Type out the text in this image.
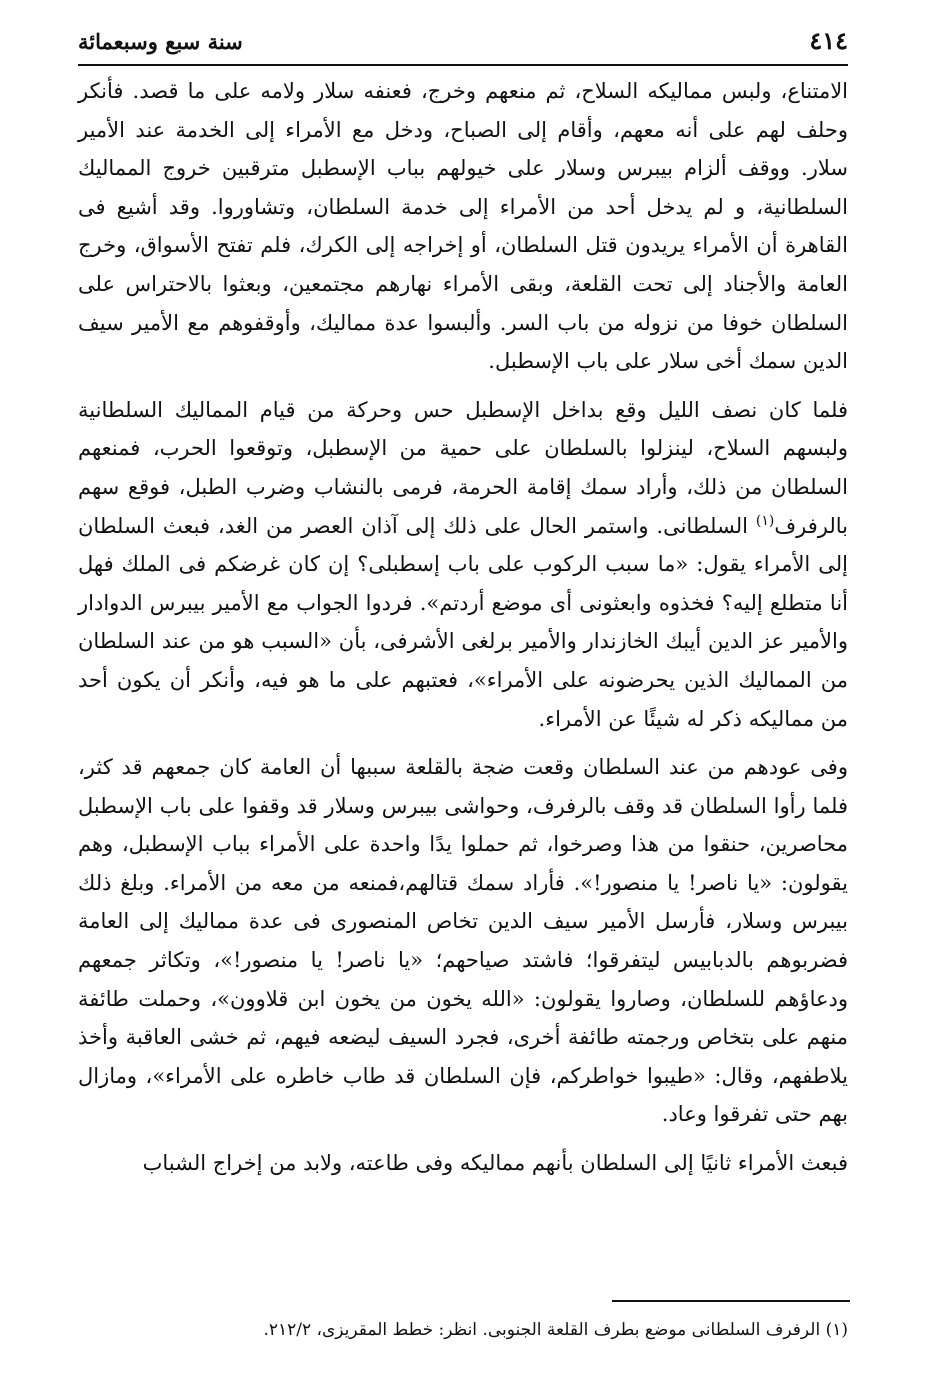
٤١٤
سنة سبع وسبعمائة

الامتناع، ولبس مماليكه السلاح، ثم منعهم وخرج، فعنفه سلار ولامه على ما قصد. فأنكر وحلف لهم على أنه معهم، وأقام إلى الصباح، ودخل مع الأمراء إلى الخدمة عند الأمير سلار. ووقف ألزام بيبرس وسلار على خيولهم بباب الإسطبل مترقبين خروج المماليك السلطانية، و لم يدخل أحد من الأمراء إلى خدمة السلطان، وتشاوروا. وقد أشيع فى القاهرة أن الأمراء يريدون قتل السلطان، أو إخراجه إلى الكرك، فلم تفتح الأسواق، وخرج العامة والأجناد إلى تحت القلعة، وبقى الأمراء نهارهم مجتمعين، وبعثوا بالاحتراس على السلطان خوفا من نزوله من باب السر. وألبسوا عدة مماليك، وأوقفوهم مع الأمير سيف الدين سمك أخى سلار على باب الإسطبل.

فلما كان نصف الليل وقع بداخل الإسطبل حس وحركة من قيام المماليك السلطانية ولبسهم السلاح، لينزلوا بالسلطان على حمية من الإسطبل، وتوقعوا الحرب، فمنعهم السلطان من ذلك، وأراد سمك إقامة الحرمة، فرمى بالنشاب وضرب الطبل، فوقع سهم بالرفرف$^{(١)}$ السلطانى. واستمر الحال على ذلك إلى آذان العصر من الغد، فبعث السلطان إلى الأمراء يقول: «ما سبب الركوب على باب إسطبلى؟ إن كان غرضكم فى الملك فهل أنا متطلع إليه؟ فخذوه وابعثونى أى موضع أردتم». فردوا الجواب مع الأمير بيبرس الدوادار والأمير عز الدين أيبك الخازندار والأمير برلغى الأشرفى، بأن «السبب هو من عند السلطان من المماليك الذين يحرضونه على الأمراء»، فعتبهم على ما هو فيه، وأنكر أن يكون أحد من مماليكه ذكر له شيئًا عن الأمراء.

وفى عودهم من عند السلطان وقعت ضجة بالقلعة سببها أن العامة كان جمعهم قد كثر، فلما رأوا السلطان قد وقف بالرفرف، وحواشى بيبرس وسلار قد وقفوا على باب الإسطبل محاصرين، حنقوا من هذا وصرخوا، ثم حملوا يدًا واحدة على الأمراء بباب الإسطبل، وهم يقولون: «يا ناصر! يا منصور!». فأراد سمك قتالهم،فمنعه من معه من الأمراء. وبلغ ذلك بيبرس وسلار، فأرسل الأمير سيف الدين تخاص المنصورى فى عدة مماليك إلى العامة فضربوهم بالدبابيس ليتفرقوا؛ فاشتد صياحهم؛ «يا ناصر! يا منصور!»، وتكاثر جمعهم ودعاؤهم للسلطان، وصاروا يقولون: «الله يخون من يخون ابن قلاوون»، وحملت طائفة منهم على بتخاص ورجمته طائفة أخرى، فجرد السيف ليضعه فيهم، ثم خشى العاقبة وأخذ يلاطفهم، وقال: «طيبوا خواطركم، فإن السلطان قد طاب خاطره على الأمراء»، ومازال بهم حتى تفرقوا وعاد.

فبعث الأمراء ثانيًا إلى السلطان بأنهم مماليكه وفى طاعته، ولابد من إخراج الشباب

(١) الرفرف السلطانى موضع بطرف القلعة الجنوبى. انظر: خطط المقريزى، ٢١٢/٢.
